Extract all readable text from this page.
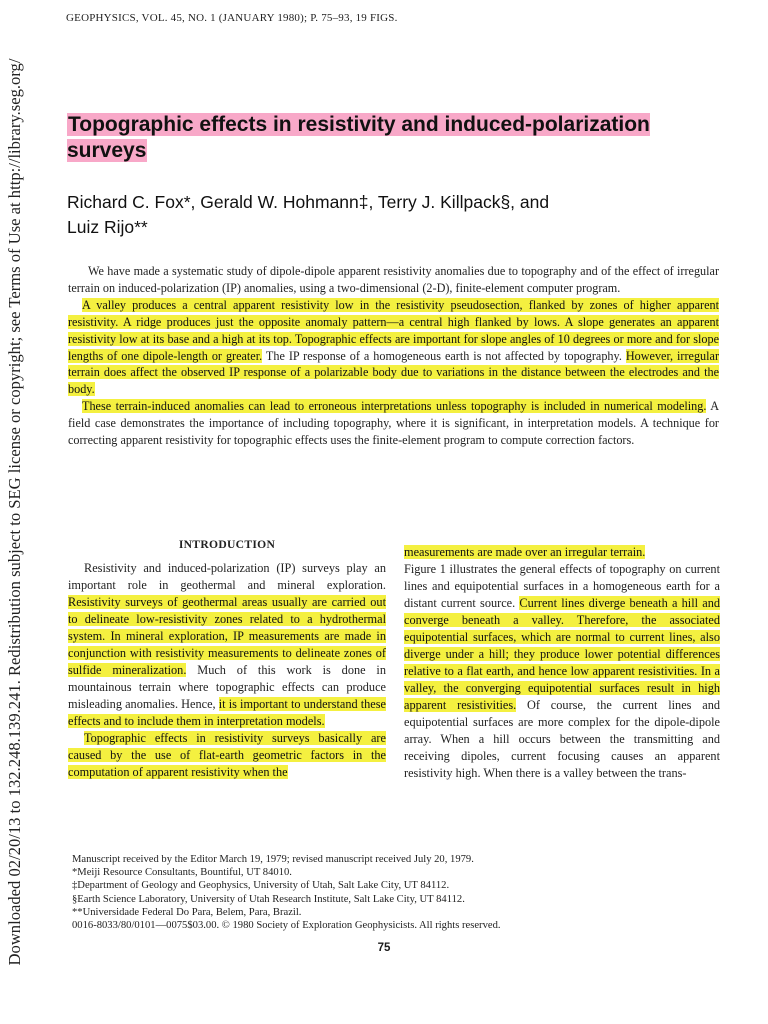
Downloaded 02/20/13 to 132.248.139.241. Redistribution subject to SEG license or copyright; see Terms of Use at http://library.seg.org/
GEOPHYSICS, VOL. 45, NO. 1 (JANUARY 1980); P. 75–93, 19 FIGS.
Topographic effects in resistivity and induced-polarization surveys
Richard C. Fox*, Gerald W. Hohmann‡, Terry J. Killpack§, and
Luiz Rijo**

We have made a systematic study of dipole-dipole apparent resistivity anomalies due to topography and of the effect of irregular terrain on induced-polarization (IP) anomalies, using a two-dimensional (2-D), finite-element computer program.

A valley produces a central apparent resistivity low in the resistivity pseudosection, flanked by zones of higher apparent resistivity. A ridge produces just the opposite anomaly pattern—a central high flanked by lows. A slope generates an apparent resistivity low at its base and a high at its top. Topographic effects are important for slope angles of 10 degrees or more and for slope lengths of one dipole-length or greater. The IP response of a homogeneous earth is not affected by topography. However, irregular terrain does affect the observed IP response of a polarizable body due to variations in the distance between the electrodes and the body.

These terrain-induced anomalies can lead to erroneous interpretations unless topography is included in numerical modeling. A field case demonstrates the importance of including topography, where it is significant, in interpretation models. A technique for correcting apparent resistivity for topographic effects uses the finite-element program to compute correction factors.

INTRODUCTION

Resistivity and induced-polarization (IP) surveys play an important role in geothermal and mineral exploration. Resistivity surveys of geothermal areas usually are carried out to delineate low-resistivity zones related to a hydrothermal system. In mineral exploration, IP measurements are made in conjunction with resistivity measurements to delineate zones of sulfide mineralization. Much of this work is done in mountainous terrain where topographic effects can produce misleading anomalies. Hence, it is important to understand these effects and to include them in interpretation models.

Topographic effects in resistivity surveys basically are caused by the use of flat-earth geometric factors in the computation of apparent resistivity when the

measurements are made over an irregular terrain.

Figure 1 illustrates the general effects of topography on current lines and equipotential surfaces in a homogeneous earth for a distant current source. Current lines diverge beneath a hill and converge beneath a valley. Therefore, the associated equipotential surfaces, which are normal to current lines, also diverge under a hill; they produce lower potential differences relative to a flat earth, and hence low apparent resistivities. In a valley, the converging equipotential surfaces result in high apparent resistivities. Of course, the current lines and equipotential surfaces are more complex for the dipole-dipole array. When a hill occurs between the transmitting and receiving dipoles, current focusing causes an apparent resistivity high. When there is a valley between the trans-

Manuscript received by the Editor March 19, 1979; revised manuscript received July 20, 1979.
*Meiji Resource Consultants, Bountiful, UT 84010.
‡Department of Geology and Geophysics, University of Utah, Salt Lake City, UT 84112.
§Earth Science Laboratory, University of Utah Research Institute, Salt Lake City, UT 84112.
**Universidade Federal Do Para, Belem, Para, Brazil.
0016-8033/80/0101—0075$03.00. © 1980 Society of Exploration Geophysicists. All rights reserved.
75
